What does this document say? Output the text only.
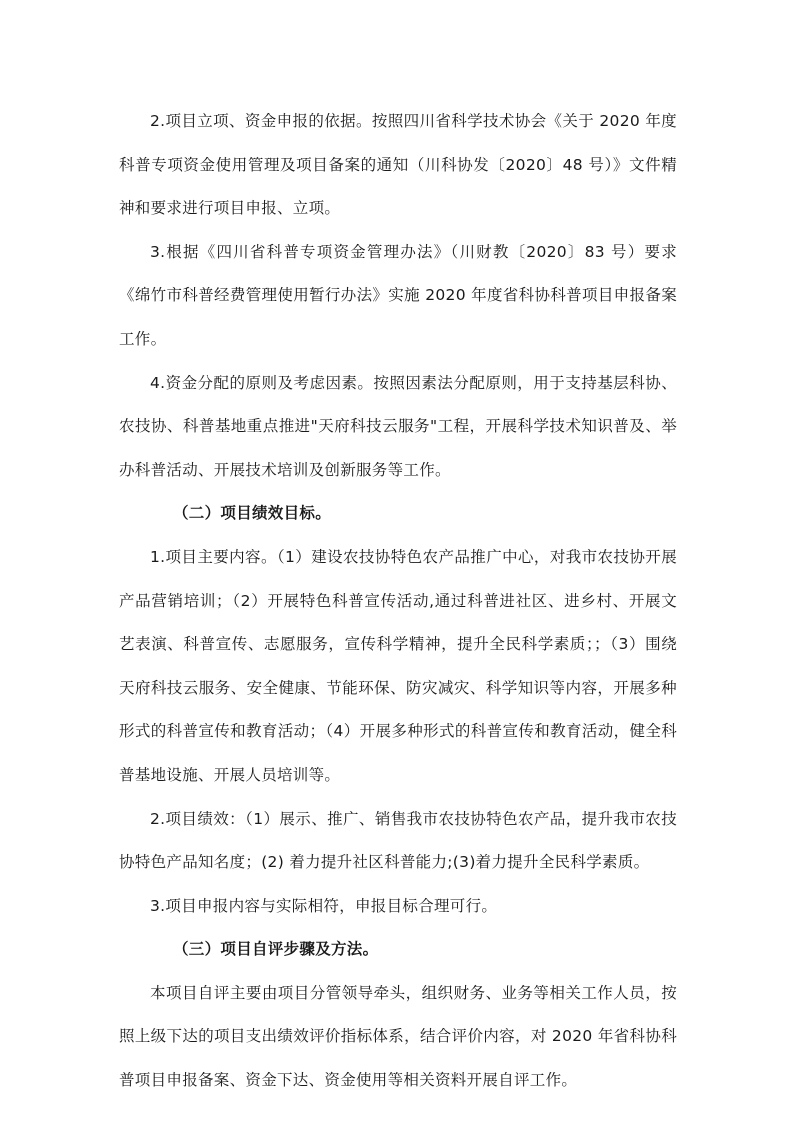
2.项目立项、资金申报的依据。按照四川省科学技术协会《关于 2020 年度科普专项资金使用管理及项目备案的通知（川科协发〔2020〕48 号）》文件精神和要求进行项目申报、立项。

3.根据《四川省科普专项资金管理办法》（川财教〔2020〕83 号）要求《绵竹市科普经费管理使用暂行办法》实施 2020 年度省科协科普项目申报备案工作。

4.资金分配的原则及考虑因素。按照因素法分配原则，用于支持基层科协、农技协、科普基地重点推进"天府科技云服务"工程，开展科学技术知识普及、举办科普活动、开展技术培训及创新服务等工作。

（二）项目绩效目标。

1.项目主要内容。（1）建设农技协特色农产品推广中心，对我市农技协开展产品营销培训；（2）开展特色科普宣传活动,通过科普进社区、进乡村、开展文艺表演、科普宣传、志愿服务，宣传科学精神，提升全民科学素质；；（3）围绕天府科技云服务、安全健康、节能环保、防灾减灾、科学知识等内容，开展多种形式的科普宣传和教育活动；（4）开展多种形式的科普宣传和教育活动，健全科普基地设施、开展人员培训等。

2.项目绩效：（1）展示、推广、销售我市农技协特色农产品，提升我市农技协特色产品知名度；(2) 着力提升社区科普能力;(3)着力提升全民科学素质。

3.项目申报内容与实际相符，申报目标合理可行。

（三）项目自评步骤及方法。

本项目自评主要由项目分管领导牵头，组织财务、业务等相关工作人员，按照上级下达的项目支出绩效评价指标体系，结合评价内容，对 2020 年省科协科普项目申报备案、资金下达、资金使用等相关资料开展自评工作。
